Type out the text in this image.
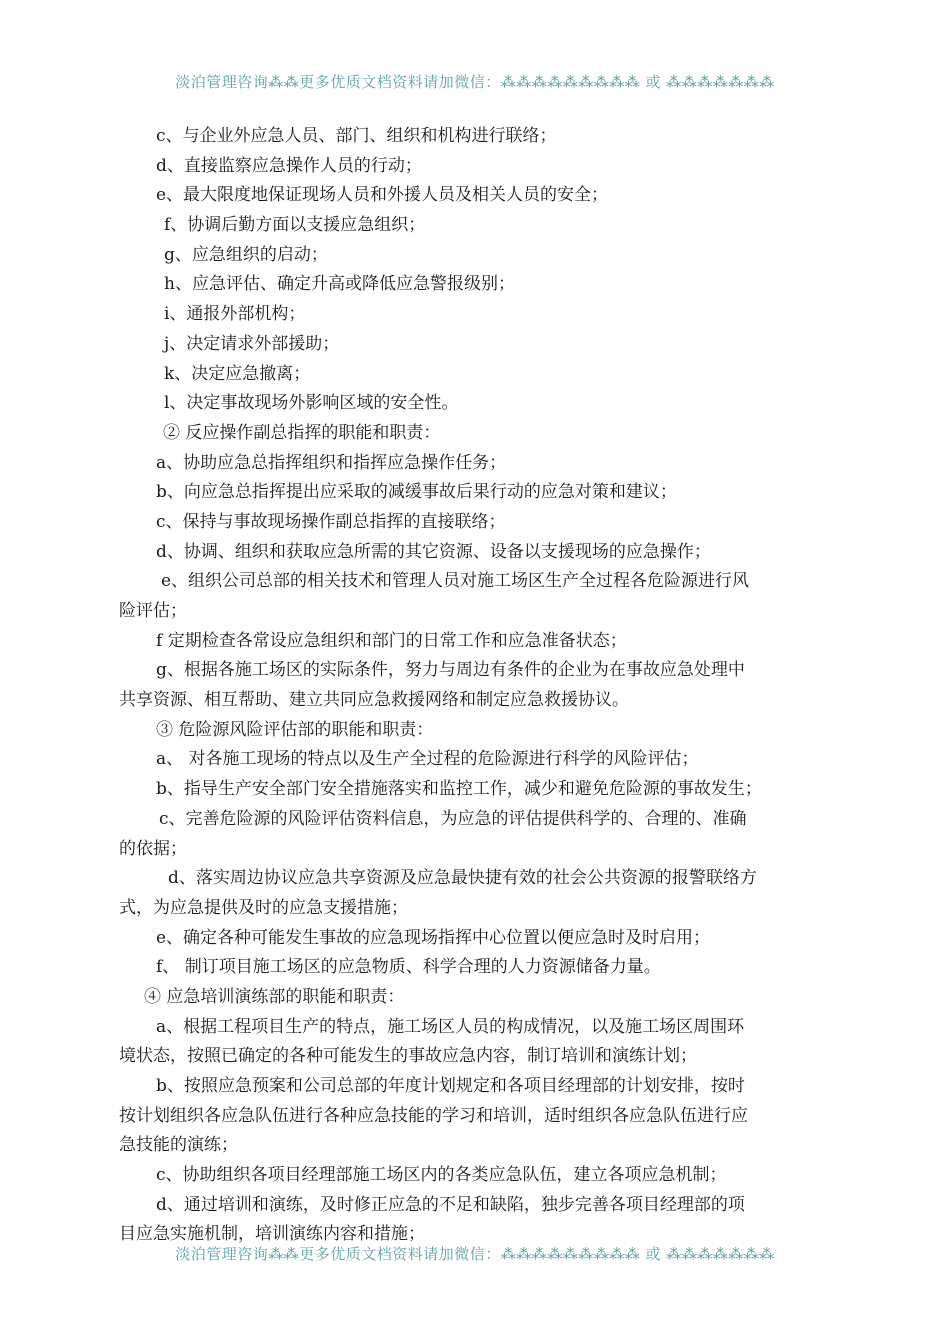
淡泊管理咨询⁂⁂更多优质文档资料请加微信：⁂⁂⁂⁂⁂⁂⁂⁂⁂ 或 ⁂⁂⁂⁂⁂⁂⁂
c、与企业外应急人员、部门、组织和机构进行联络；
d、直接监察应急操作人员的行动；
e、最大限度地保证现场人员和外援人员及相关人员的安全；
f、协调后勤方面以支援应急组织；
g、应急组织的启动；
h、应急评估、确定升高或降低应急警报级别；
i、通报外部机构；
j、决定请求外部援助；
k、决定应急撤离；
l、决定事故现场外影响区域的安全性。
② 反应操作副总指挥的职能和职责：
a、协助应急总指挥组织和指挥应急操作任务；
b、向应急总指挥提出应采取的减缓事故后果行动的应急对策和建议；
c、保持与事故现场操作副总指挥的直接联络；
d、协调、组织和获取应急所需的其它资源、设备以支援现场的应急操作；
e、组织公司总部的相关技术和管理人员对施工场区生产全过程各危险源进行风
险评估；
f 定期检查各常设应急组织和部门的日常工作和应急准备状态；
g、根据各施工场区的实际条件，努力与周边有条件的企业为在事故应急处理中
共享资源、相互帮助、建立共同应急救援网络和制定应急救援协议。
③ 危险源风险评估部的职能和职责：
a、 对各施工现场的特点以及生产全过程的危险源进行科学的风险评估；
b、指导生产安全部门安全措施落实和监控工作，减少和避免危险源的事故发生；
c、完善危险源的风险评估资料信息，为应急的评估提供科学的、合理的、准确
的依据；
d、落实周边协议应急共享资源及应急最快捷有效的社会公共资源的报警联络方
式，为应急提供及时的应急支援措施；
e、确定各种可能发生事故的应急现场指挥中心位置以便应急时及时启用；
f、 制订项目施工场区的应急物质、科学合理的人力资源储备力量。
④ 应急培训演练部的职能和职责：
a、根据工程项目生产的特点，施工场区人员的构成情况，以及施工场区周围环
境状态，按照已确定的各种可能发生的事故应急内容，制订培训和演练计划；
b、按照应急预案和公司总部的年度计划规定和各项目经理部的计划安排，按时
按计划组织各应急队伍进行各种应急技能的学习和培训，适时组织各应急队伍进行应
急技能的演练；
c、协助组织各项目经理部施工场区内的各类应急队伍，建立各项应急机制；
d、通过培训和演练，及时修正应急的不足和缺陷，独步完善各项目经理部的项
目应急实施机制，培训演练内容和措施；
淡泊管理咨询⁂⁂更多优质文档资料请加微信：⁂⁂⁂⁂⁂⁂⁂⁂⁂ 或 ⁂⁂⁂⁂⁂⁂⁂
